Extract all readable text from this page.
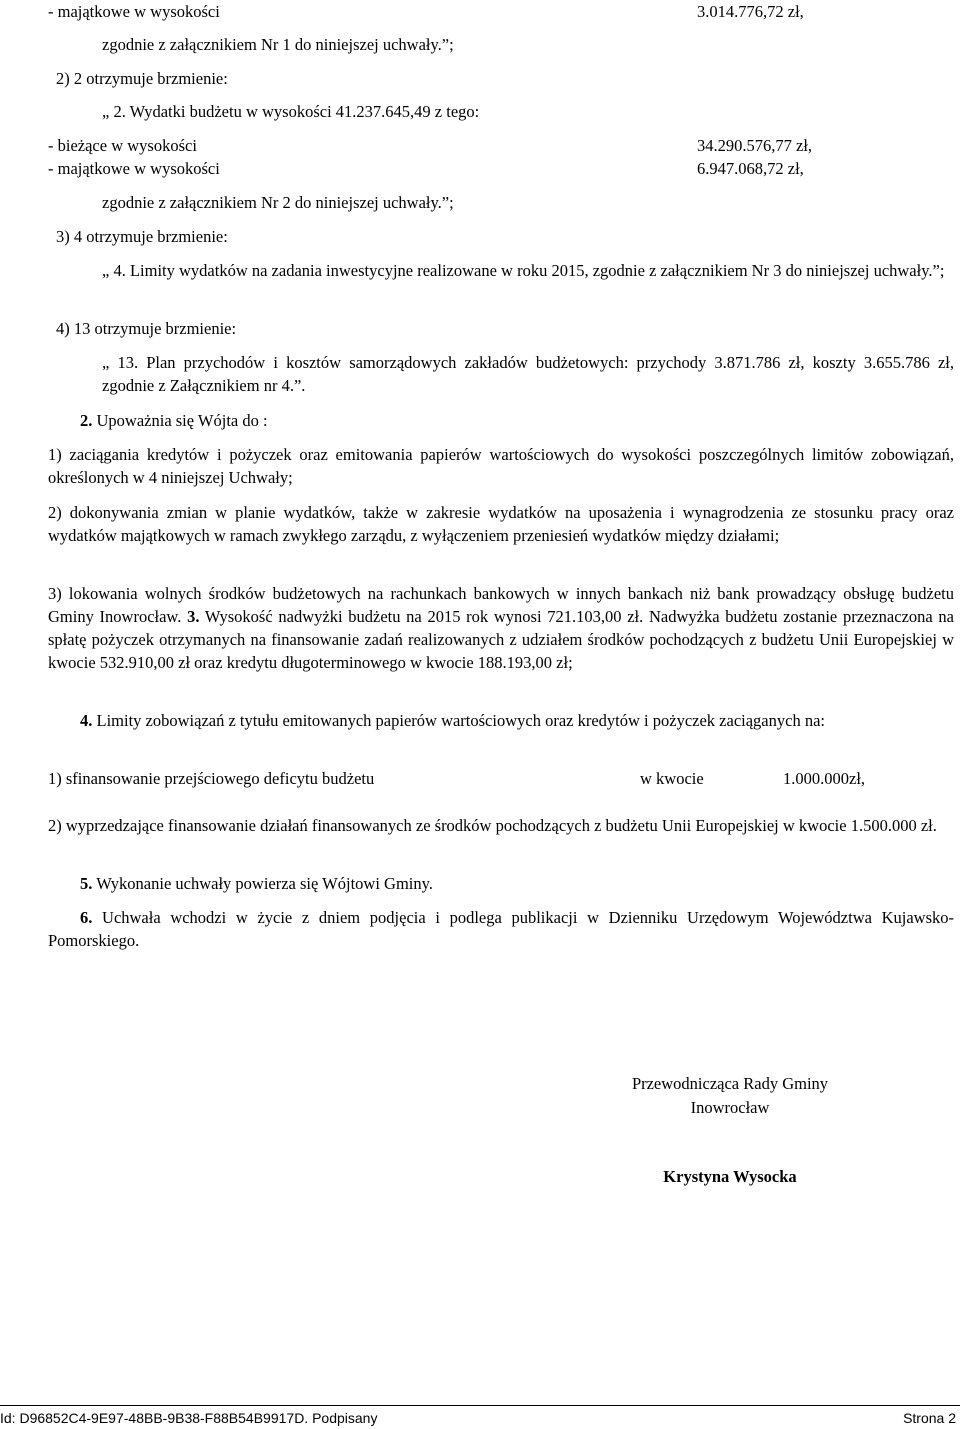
- majątkowe w wysokości	3.014.776,72 zł,
zgodnie z załącznikiem Nr 1 do niniejszej uchwały.”;
2) 2 otrzymuje brzmienie:
„ 2. Wydatki budżetu w wysokości 41.237.645,49 z tego:
- bieżące w wysokości	34.290.576,77 zł,
- majątkowe w wysokości	6.947.068,72 zł,
zgodnie z załącznikiem Nr 2 do niniejszej uchwały.”;
3) 4 otrzymuje brzmienie:
„ 4. Limity wydatków na zadania inwestycyjne realizowane w roku 2015, zgodnie z załącznikiem Nr 3 do niniejszej uchwały.”;
4) 13 otrzymuje brzmienie:
„ 13. Plan przychodów i kosztów samorządowych zakładów budżetowych: przychody 3.871.786 zł, koszty 3.655.786 zł, zgodnie z Załącznikiem nr 4.”.
2. Upoważnia się Wójta do :
1) zaciągania kredytów i pożyczek oraz emitowania papierów wartościowych do wysokości poszczególnych limitów zobowiązań, określonych w 4 niniejszej Uchwały;
2) dokonywania zmian w planie wydatków, także w zakresie wydatków na uposażenia i wynagrodzenia ze stosunku pracy oraz wydatków majątkowych w ramach zwykłego zarządu, z wyłączeniem przeniesień wydatków między działami;
3) lokowania wolnych środków budżetowych na rachunkach bankowych w innych bankach niż bank prowadzący obsługę budżetu Gminy Inowrocław. 3. Wysokość nadwyżki budżetu na 2015 rok wynosi 721.103,00 zł. Nadwyżka budżetu zostanie przeznaczona na spłatę pożyczek otrzymanych na finansowanie zadań realizowanych z udziałem środków pochodzących z budżetu Unii Europejskiej w kwocie 532.910,00 zł oraz kredytu długoterminowego w kwocie 188.193,00 zł;
4. Limity zobowiązań z tytułu emitowanych papierów wartościowych oraz kredytów i pożyczek zaciąganych na:
1) sfinansowanie przejściowego deficytu budżetu	w kwocie	1.000.000zł,
2) wyprzedzające finansowanie działań finansowanych ze środków pochodzących z budżetu Unii Europejskiej w kwocie 1.500.000 zł.
5. Wykonanie uchwały powierza się Wójtowi Gminy.
6. Uchwała wchodzi w życie z dniem podjęcia i podlega publikacji w Dzienniku Urzędowym Województwa Kujawsko-Pomorskiego.
Przewodnicząca Rady Gminy
Inowrocław
Krystyna Wysocka
Id: D96852C4-9E97-48BB-9B38-F88B54B9917D. Podpisany	Strona 2
